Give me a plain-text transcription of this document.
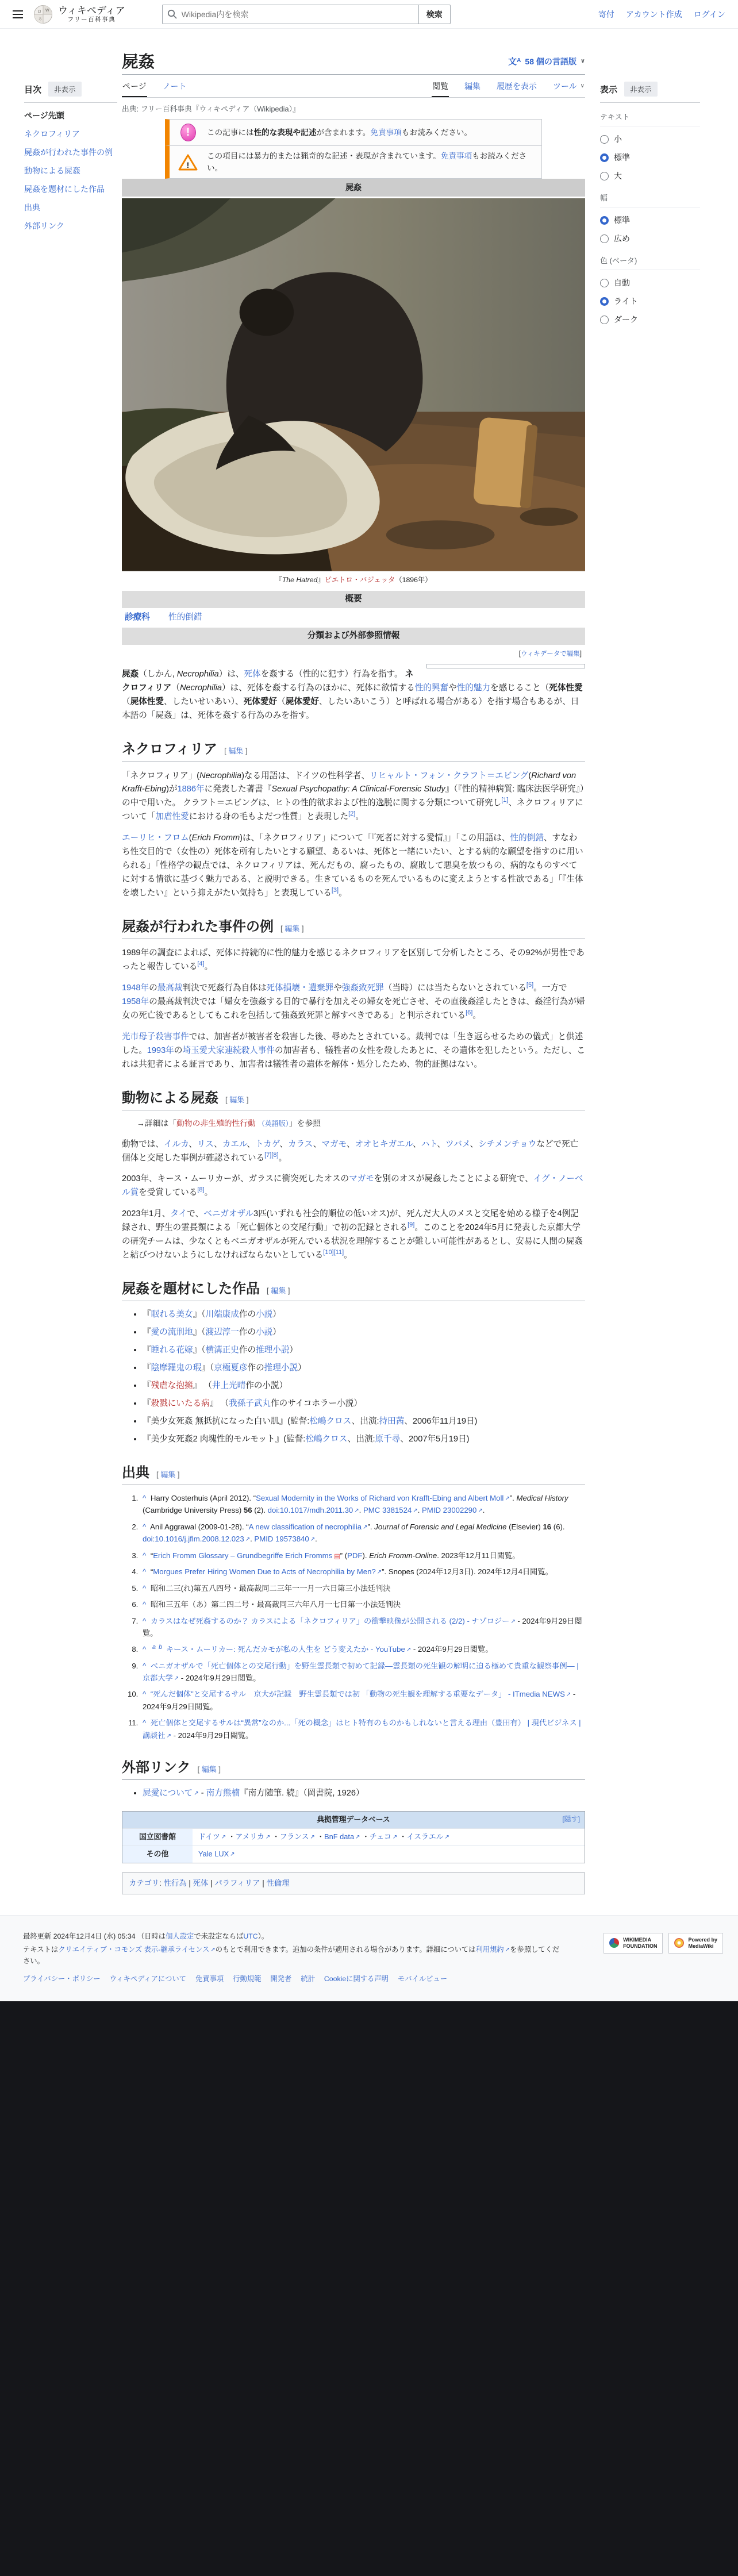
Ω W
あ
ウィキペディア
フリー百科事典
Wikipedia内を検索
検索	寄付 アカウント作成 ログイン
目次	非表示
ページ先頭
ネクロフィリア
屍姦が行われた事件の例
動物による屍姦
屍姦を題材にした作品
出典
外部リンク
屍姦	文$^A$ 58 個の言語版 ∨
ページ ノート	閲覧 編集 履歴を表示 ツール ∨
出典: フリー百科事典『ウィキペディア（Wikipedia）』
!	この記事には性的な表現や記述が含まれます。免責事項もお読みください。
!
この項目には暴力的または猟奇的な記述・表現が含まれています。免責事項もお読みください。
屍姦
『The Hatred』ピエトロ・バジェッタ（1896年）
概要
診療科	性的倒錯
分類および外部参照情報
[ウィキデータで編集]

屍姦（しかん, Necrophilia）は、死体を姦する（性的に犯す）行為を指す。 ネクロフィリア（Necrophilia）は、死体を姦する行為のほかに、死体に欲情する性的興奮や性的魅力を感じること（死体性愛（屍体性愛、したいせいあい）、死体愛好（屍体愛好、したいあいこう）と呼ばれる場合がある）を指す場合もあるが、日本語の「屍姦」は、死体を姦する行為のみを指す。

ネクロフィリア [ 編集 ]

「ネクロフィリア」(Necrophilia)なる用語は、ドイツの性科学者、リヒャルト・フォン・クラフト＝エビング(Richard von Krafft-Ebing)が1886年に発表した著書『Sexual Psychopathy: A Clinical-Forensic Study』（『性的精神病質: 臨床法医学研究』）の中で用いた。 クラフト＝エビングは、ヒトの性的欲求および性的逸脱に関する分類について研究し[1]、ネクロフィリアについて「加虐性愛における身の毛もよだつ性質」と表現した[2]。

エーリヒ・フロム(Erich Fromm)は、「ネクロフィリア」について「『死者に対する愛情』」「この用語は、性的倒錯、すなわち性交目的で（女性の）死体を所有したいとする願望、あるいは、死体と一緒にいたい、とする病的な願望を指すのに用いられる」「性格学の観点では、ネクロフィリアは、死んだもの、腐ったもの、腐敗して悪臭を放つもの、病的なものすべてに対する情欲に基づく魅力である、と説明できる。生きているものを死んでいるものに変えようとする性欲である」「『生体を壊したい』という抑えがたい気持ち」と表現している[3]。

屍姦が行われた事件の例 [ 編集 ]

1989年の調査によれば、死体に持続的に性的魅力を感じるネクロフィリアを区別して分析したところ、その92%が男性であったと報告している[4]。

1948年の最高裁判決で死姦行為自体は死体損壊・遺棄罪や強姦致死罪（当時）には当たらないとされている[5]。一方で1958年の最高裁判決では「婦女を強姦する目的で暴行を加えその婦女を死亡させ、その直後姦淫したときは、姦淫行為が婦女の死亡後であるとしてもこれを包括して強姦致死罪と解すべきである」と判示されている[6]。

光市母子殺害事件では、加害者が被害者を殺害した後、辱めたとされている。裁判では「生き返らせるための儀式」と供述した。1993年の埼玉愛犬家連続殺人事件の加害者も、犠牲者の女性を殺したあとに、その遺体を犯したという。ただし、これは共犯者による証言であり、加害者は犠牲者の遺体を解体・処分したため、物的証拠はない。

動物による屍姦 [ 編集 ]
→詳細は「動物の非生殖的性行動 （英語版）」を参照

動物では、イルカ、リス、カエル、トカゲ、カラス、マガモ、オオヒキガエル、ハト、ツバメ、シチメンチョウなどで死亡個体と交尾した事例が確認されている[7][8]。

2003年、キース・ムーリカーが、ガラスに衝突死したオスのマガモを別のオスが屍姦したことによる研究で、イグ・ノーベル賞を受賞している[8]。

2023年1月、タイで、ベニガオザル3匹(いずれも社会的順位の低いオス)が、死んだ大人のメスと交尾を始める様子を4例記録され、野生の霊長類による「死亡個体との交尾行動」で初の記録とされる[9]。このことを2024年5月に発表した京都大学の研究チームは、少なくともベニガオザルが死んでいる状況を理解することが難しい可能性があるとし、安易に人間の屍姦と結びつけないようにしなければならないとしている[10][11]。

屍姦を題材にした作品 [ 編集 ]
• 『眠れる美女』（川端康成作の小説）
• 『愛の流刑地』（渡辺淳一作の小説）
• 『睡れる花嫁』（横溝正史作の推理小説）
• 『陰摩羅鬼の瑕』（京極夏彦作の推理小説）
• 『残虐な抱擁』 （井上光晴作の小説）
• 『殺戮にいたる病』 （我孫子武丸作のサイコホラー小説）
• 『美少女死姦 無抵抗になった白い肌』(監督:松嶋クロス、出演:持田茜、2006年11月19日)
• 『美少女死姦2 肉塊性的モルモット』(監督:松嶋クロス、出演:原千尋、2007年5月19日)
出典 [ 編集 ]
1. ^ Harry Oosterhuis (April 2012). “Sexual Modernity in the Works of Richard von Krafft-Ebing and Albert Moll ↗ ”. Medical History (Cambridge University Press) 56 (2). doi:10.1017/mdh.2011.30 ↗ . PMC 3381524 ↗ . PMID 23002290 ↗ .
2. ^ Anil Aggrawal (2009-01-28). “A new classification of necrophilia ↗ ”. Journal of Forensic and Legal Medicine (Elsevier) 16 (6). doi:10.1016/j.jflm.2008.12.023 ↗ . PMID 19573840 ↗ .
3. ^ “Erich Fromm Glossary – Grundbegriffe Erich Fromms ▤ ” (PDF). Erich Fromm-Online. 2023年12月11日閲覧。
4. ^ “Morgues Prefer Hiring Women Due to Acts of Necrophilia by Men? ↗ ”. Snopes (2024年12月3日). 2024年12月4日閲覧。
5. ^ 昭和二三(れ)第五八四号・最高裁同二三年一一月一六日第三小法廷判決
6. ^ 昭和三五年（あ）第二四二号・最高裁同三六年八月一七日第一小法廷判決
7. ^ カラスはなぜ死姦するのか？ カラスによる「ネクロフィリア」の衝撃映像が公開される (2/2) - ナゾロジー ↗ - 2024年9月29日閲覧。
8. ^ $^{a b}$ キース・ムーリカー: 死んだカモが私の人生を どう変えたか - YouTube ↗ - 2024年9月29日閲覧。
9. ^ ベニガオザルで「死亡個体との交尾行動」を野生霊長類で初めて記録—霊長類の死生観の解明に迫る極めて貴重な観察事例— | 京都大学 ↗ - 2024年9月29日閲覧。
10. ^ “死んだ個体”と交尾するサル　京大が記録　野生霊長類では初 「動物の死生観を理解する重要なデータ」 - ITmedia NEWS ↗ - 2024年9月29日閲覧。
11. ^ 死亡個体と交尾するサルは“異常”なのか...「死の概念」はヒト特有のものかもしれないと言える理由（豊田有） | 現代ビジネス | 講談社 ↗ - 2024年9月29日閲覧。
外部リンク [ 編集 ]
• 屍愛について ↗ - 南方熊楠『南方随筆. 続』（岡書院, 1926）
典拠管理データベース	[隠す]
国立図書館	ドイツ ↗ ・アメリカ ↗ ・フランス ↗ ・BnF data ↗ ・チェコ ↗ ・イスラエル ↗
その他	Yale LUX ↗
カテゴリ: 性行為 | 死体 | パラフィリア | 性倫理
表示	非表示
テキスト
小
標準
大
幅
標準
広め
色 (ベータ)
自動
ライト
ダーク

最終更新 2024年12月4日 (水) 05:34 （日時は個人設定で未設定ならばUTC）。

テキストはクリエイティブ・コモンズ 表示-継承ライセンス ↗ のもとで利用できます。追加の条件が適用される場合があります。詳細については利用規約 ↗ を参照してください。

プライバシー・ポリシー ウィキペディアについて 免責事項 行動規範 開発者 統計 Cookieに関する声明 モバイルビュー
WIKIMEDIA
FOUNDATION
Powered by
MediaWiki
